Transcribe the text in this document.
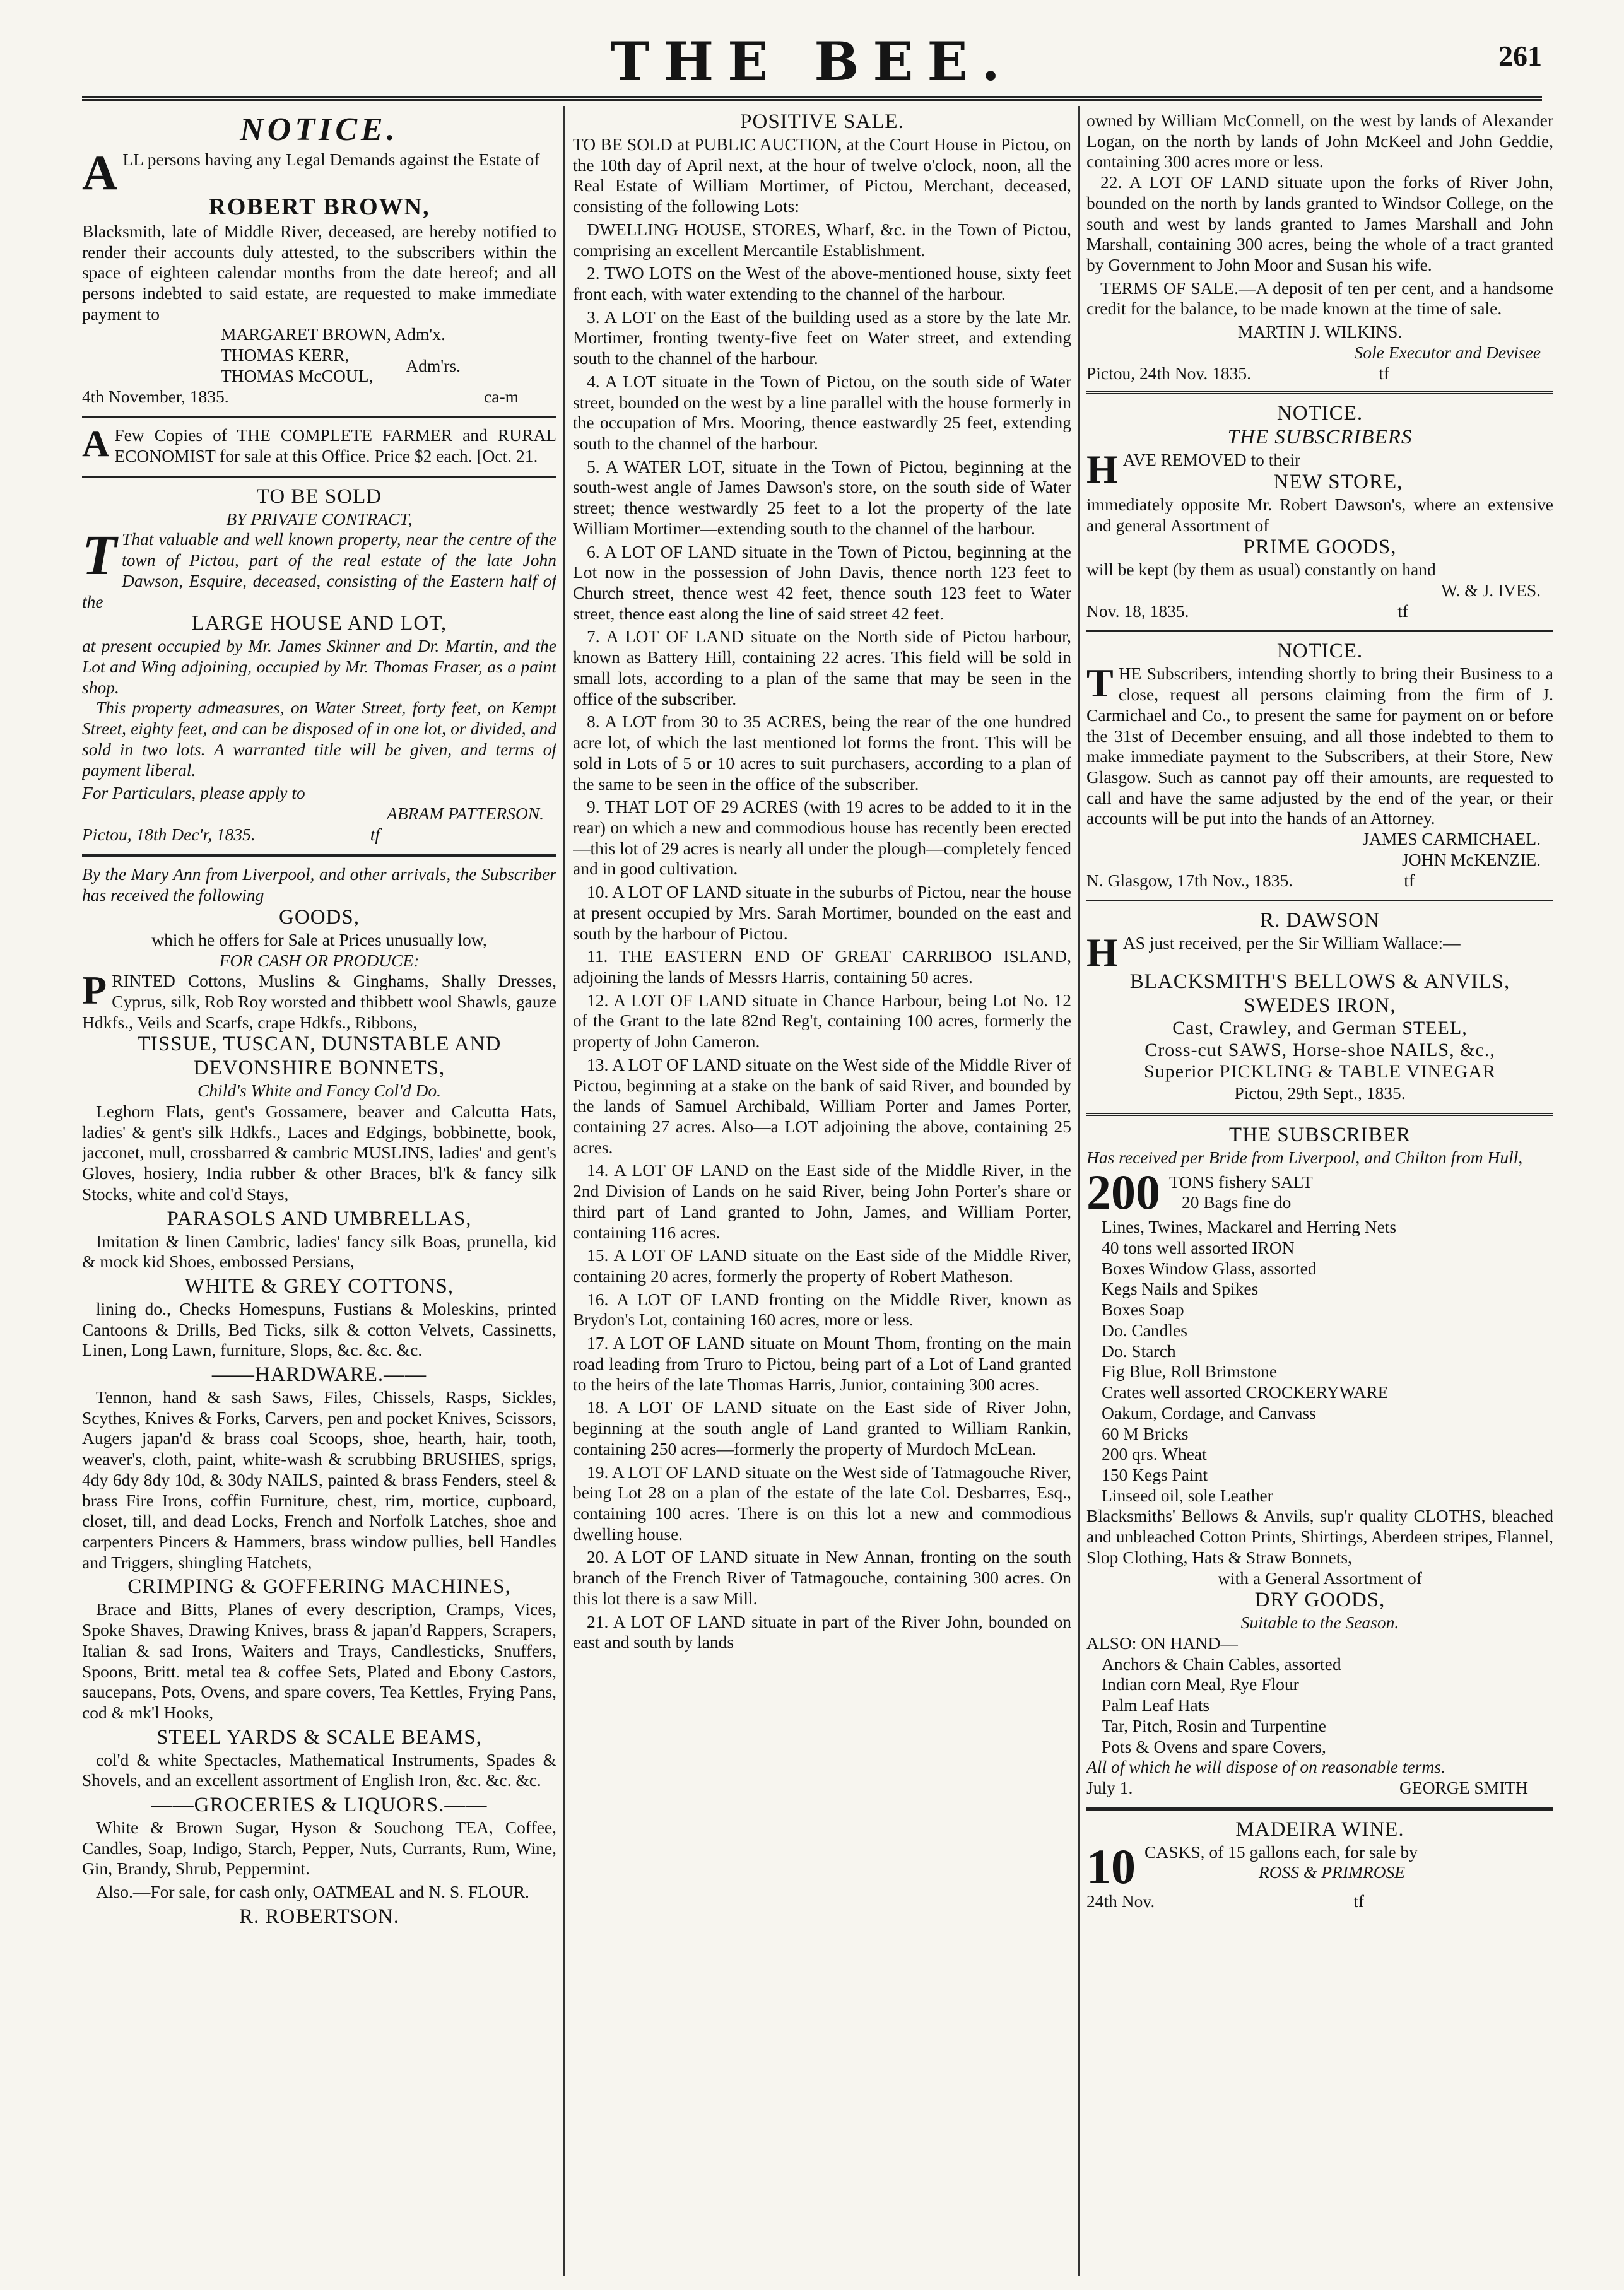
THE BEE.	261
NOTICE.
ALL persons having any Legal Demands against the Estate of
ROBERT BROWN,
Blacksmith, late of Middle River, deceased, are hereby notified to render their accounts duly attested, to the subscribers within the space of eighteen calendar months from the date hereof; and all persons indebted to said estate, are requested to make immediate payment to
MARGARET BROWN, Adm'x.
THOMAS KERR,
THOMAS McCOUL,
Adm'rs.
4th November, 1835.	ca-m
A Few Copies of THE COMPLETE FARMER and RURAL ECONOMIST for sale at this Office. Price $2 each. [Oct. 21.
TO BE SOLD
BY PRIVATE CONTRACT,
T That valuable and well known property, near the centre of the town of Pictou, part of the real estate of the late John Dawson, Esquire, deceased, consisting of the Eastern half of the
LARGE HOUSE AND LOT,
at present occupied by Mr. James Skinner and Dr. Martin, and the Lot and Wing adjoining, occupied by Mr. Thomas Fraser, as a paint shop.
This property admeasures, on Water Street, forty feet, on Kempt Street, eighty feet, and can be disposed of in one lot, or divided, and sold in two lots. A warranted title will be given, and terms of payment liberal.
For Particulars, please apply to
ABRAM PATTERSON.
Pictou, 18th Dec'r, 1835.	tf
By the Mary Ann from Liverpool, and other arrivals, the Subscriber has received the following
GOODS,
which he offers for Sale at Prices unusually low,
FOR CASH OR PRODUCE:
PRINTED Cottons, Muslins & Ginghams, Shally Dresses, Cyprus, silk, Rob Roy worsted and thibbett wool Shawls, gauze Hdkfs., Veils and Scarfs, crape Hdkfs., Ribbons,
TISSUE, TUSCAN, DUNSTABLE AND DEVONSHIRE BONNETS,
Child's White and Fancy Col'd Do.
Leghorn Flats, gent's Gossamere, beaver and Calcutta Hats, ladies' & gent's silk Hdkfs., Laces and Edgings, bobbinette, book, jacconet, mull, crossbarred & cambric MUSLINS, ladies' and gent's Gloves, hosiery, India rubber & other Braces, bl'k & fancy silk Stocks, white and col'd Stays,
PARASOLS AND UMBRELLAS,
Imitation & linen Cambric, ladies' fancy silk Boas, prunella, kid & mock kid Shoes, embossed Persians,
WHITE & GREY COTTONS,
lining do., Checks Homespuns, Fustians & Moleskins, printed Cantoons & Drills, Bed Ticks, silk & cotton Velvets, Cassinetts, Linen, Long Lawn, furniture, Slops, &c. &c. &c.
——HARDWARE.——
Tennon, hand & sash Saws, Files, Chissels, Rasps, Sickles, Scythes, Knives & Forks, Carvers, pen and pocket Knives, Scissors, Augers japan'd & brass coal Scoops, shoe, hearth, hair, tooth, weaver's, cloth, paint, white-wash & scrubbing BRUSHES, sprigs, 4dy 6dy 8dy 10d, & 30dy NAILS, painted & brass Fenders, steel & brass Fire Irons, coffin Furniture, chest, rim, mortice, cupboard, closet, till, and dead Locks, French and Norfolk Latches, shoe and carpenters Pincers & Hammers, brass window pullies, bell Handles and Triggers, shingling Hatchets,
CRIMPING & GOFFERING MACHINES,
Brace and Bitts, Planes of every description, Cramps, Vices, Spoke Shaves, Drawing Knives, brass & japan'd Rappers, Scrapers, Italian & sad Irons, Waiters and Trays, Candlesticks, Snuffers, Spoons, Britt. metal tea & coffee Sets, Plated and Ebony Castors, saucepans, Pots, Ovens, and spare covers, Tea Kettles, Frying Pans, cod & mk'l Hooks,
STEEL YARDS & SCALE BEAMS,
col'd & white Spectacles, Mathematical Instruments, Spades & Shovels, and an excellent assortment of English Iron, &c. &c. &c.
——GROCERIES & LIQUORS.——
White & Brown Sugar, Hyson & Souchong TEA, Coffee, Candles, Soap, Indigo, Starch, Pepper, Nuts, Currants, Rum, Wine, Gin, Brandy, Shrub, Peppermint.
Also.—For sale, for cash only, OATMEAL and N. S. FLOUR.
R. ROBERTSON.
POSITIVE SALE.
TO BE SOLD at PUBLIC AUCTION, at the Court House in Pictou, on the 10th day of April next, at the hour of twelve o'clock, noon, all the Real Estate of William Mortimer, of Pictou, Merchant, deceased, consisting of the following Lots:
DWELLING HOUSE, STORES, Wharf, &c. in the Town of Pictou, comprising an excellent Mercantile Establishment.
2. TWO LOTS on the West of the above-mentioned house, sixty feet front each, with water extending to the channel of the harbour.
3. A LOT on the East of the building used as a store by the late Mr. Mortimer, fronting twenty-five feet on Water street, and extending south to the channel of the harbour.
4. A LOT situate in the Town of Pictou, on the south side of Water street, bounded on the west by a line parallel with the house formerly in the occupation of Mrs. Mooring, thence eastwardly 25 feet, extending south to the channel of the harbour.
5. A WATER LOT, situate in the Town of Pictou, beginning at the south-west angle of James Dawson's store, on the south side of Water street; thence westwardly 25 feet to a lot the property of the late William Mortimer—extending south to the channel of the harbour.
6. A LOT OF LAND situate in the Town of Pictou, beginning at the Lot now in the possession of John Davis, thence north 123 feet to Church street, thence west 42 feet, thence south 123 feet to Water street, thence east along the line of said street 42 feet.
7. A LOT OF LAND situate on the North side of Pictou harbour, known as Battery Hill, containing 22 acres. This field will be sold in small lots, according to a plan of the same that may be seen in the office of the subscriber.
8. A LOT from 30 to 35 ACRES, being the rear of the one hundred acre lot, of which the last mentioned lot forms the front. This will be sold in Lots of 5 or 10 acres to suit purchasers, according to a plan of the same to be seen in the office of the subscriber.
9. THAT LOT OF 29 ACRES (with 19 acres to be added to it in the rear) on which a new and commodious house has recently been erected—this lot of 29 acres is nearly all under the plough—completely fenced and in good cultivation.
10. A LOT OF LAND situate in the suburbs of Pictou, near the house at present occupied by Mrs. Sarah Mortimer, bounded on the east and south by the harbour of Pictou.
11. THE EASTERN END OF GREAT CARRIBOO ISLAND, adjoining the lands of Messrs Harris, containing 50 acres.
12. A LOT OF LAND situate in Chance Harbour, being Lot No. 12 of the Grant to the late 82nd Reg't, containing 100 acres, formerly the property of John Cameron.
13. A LOT OF LAND situate on the West side of the Middle River of Pictou, beginning at a stake on the bank of said River, and bounded by the lands of Samuel Archibald, William Porter and James Porter, containing 27 acres. Also—a LOT adjoining the above, containing 25 acres.
14. A LOT OF LAND on the East side of the Middle River, in the 2nd Division of Lands on he said River, being John Porter's share or third part of Land granted to John, James, and William Porter, containing 116 acres.
15. A LOT OF LAND situate on the East side of the Middle River, containing 20 acres, formerly the property of Robert Matheson.
16. A LOT OF LAND fronting on the Middle River, known as Brydon's Lot, containing 160 acres, more or less.
17. A LOT OF LAND situate on Mount Thom, fronting on the main road leading from Truro to Pictou, being part of a Lot of Land granted to the heirs of the late Thomas Harris, Junior, containing 300 acres.
18. A LOT OF LAND situate on the East side of River John, beginning at the south angle of Land granted to William Rankin, containing 250 acres—formerly the property of Murdoch McLean.
19. A LOT OF LAND situate on the West side of Tatmagouche River, being Lot 28 on a plan of the estate of the late Col. Desbarres, Esq., containing 100 acres. There is on this lot a new and commodious dwelling house.
20. A LOT OF LAND situate in New Annan, fronting on the south branch of the French River of Tatmagouche, containing 300 acres. On this lot there is a saw Mill.
21. A LOT OF LAND situate in part of the River John, bounded on east and south by lands
owned by William McConnell, on the west by lands of Alexander Logan, on the north by lands of John McKeel and John Geddie, containing 300 acres more or less.
22. A LOT OF LAND situate upon the forks of River John, bounded on the north by lands granted to Windsor College, on the south and west by lands granted to James Marshall and John Marshall, containing 300 acres, being the whole of a tract granted by Government to John Moor and Susan his wife.
TERMS OF SALE.—A deposit of ten per cent, and a handsome credit for the balance, to be made known at the time of sale.
MARTIN J. WILKINS.
Sole Executor and Devisee
Pictou, 24th Nov. 1835.	tf
NOTICE.
THE SUBSCRIBERS
HAVE REMOVED to their
NEW STORE,
immediately opposite Mr. Robert Dawson's, where an extensive and general Assortment of
PRIME GOODS,
will be kept (by them as usual) constantly on hand
W. & J. IVES.
Nov. 18, 1835.	tf
NOTICE.
THE Subscribers, intending shortly to bring their Business to a close, request all persons claiming from the firm of J. Carmichael and Co., to present the same for payment on or before the 31st of December ensuing, and all those indebted to them to make immediate payment to the Subscribers, at their Store, New Glasgow. Such as cannot pay off their amounts, are requested to call and have the same adjusted by the end of the year, or their accounts will be put into the hands of an Attorney.
JAMES CARMICHAEL.
JOHN McKENZIE.
N. Glasgow, 17th Nov., 1835.	tf
R. DAWSON
HAS just received, per the Sir William Wallace:—
BLACKSMITH'S BELLOWS & ANVILS,
SWEDES IRON,
Cast, Crawley, and German STEEL,
Cross-cut SAWS, Horse-shoe NAILS, &c.,
Superior PICKLING & TABLE VINEGAR
Pictou, 29th Sept., 1835.
THE SUBSCRIBER
Has received per Bride from Liverpool, and Chilton from Hull,
200 TONS fishery SALT
20 Bags fine do
Lines, Twines, Mackarel and Herring Nets
40 tons well assorted IRON
Boxes Window Glass, assorted
Kegs Nails and Spikes
Boxes Soap
Do. Candles
Do. Starch
Fig Blue, Roll Brimstone
Crates well assorted CROCKERYWARE
Oakum, Cordage, and Canvass
60 M Bricks
200 qrs. Wheat
150 Kegs Paint
Linseed oil, sole Leather
Blacksmiths' Bellows & Anvils, sup'r quality CLOTHS, bleached and unbleached Cotton Prints, Shirtings, Aberdeen stripes, Flannel, Slop Clothing, Hats & Straw Bonnets,
with a General Assortment of
DRY GOODS,
Suitable to the Season.
ALSO: ON HAND—
Anchors & Chain Cables, assorted
Indian corn Meal, Rye Flour
Palm Leaf Hats
Tar, Pitch, Rosin and Turpentine
Pots & Ovens and spare Covers,
All of which he will dispose of on reasonable terms.
July 1.	GEORGE SMITH
MADEIRA WINE.
10 CASKS, of 15 gallons each, for sale by
ROSS & PRIMROSE
24th Nov.	tf
